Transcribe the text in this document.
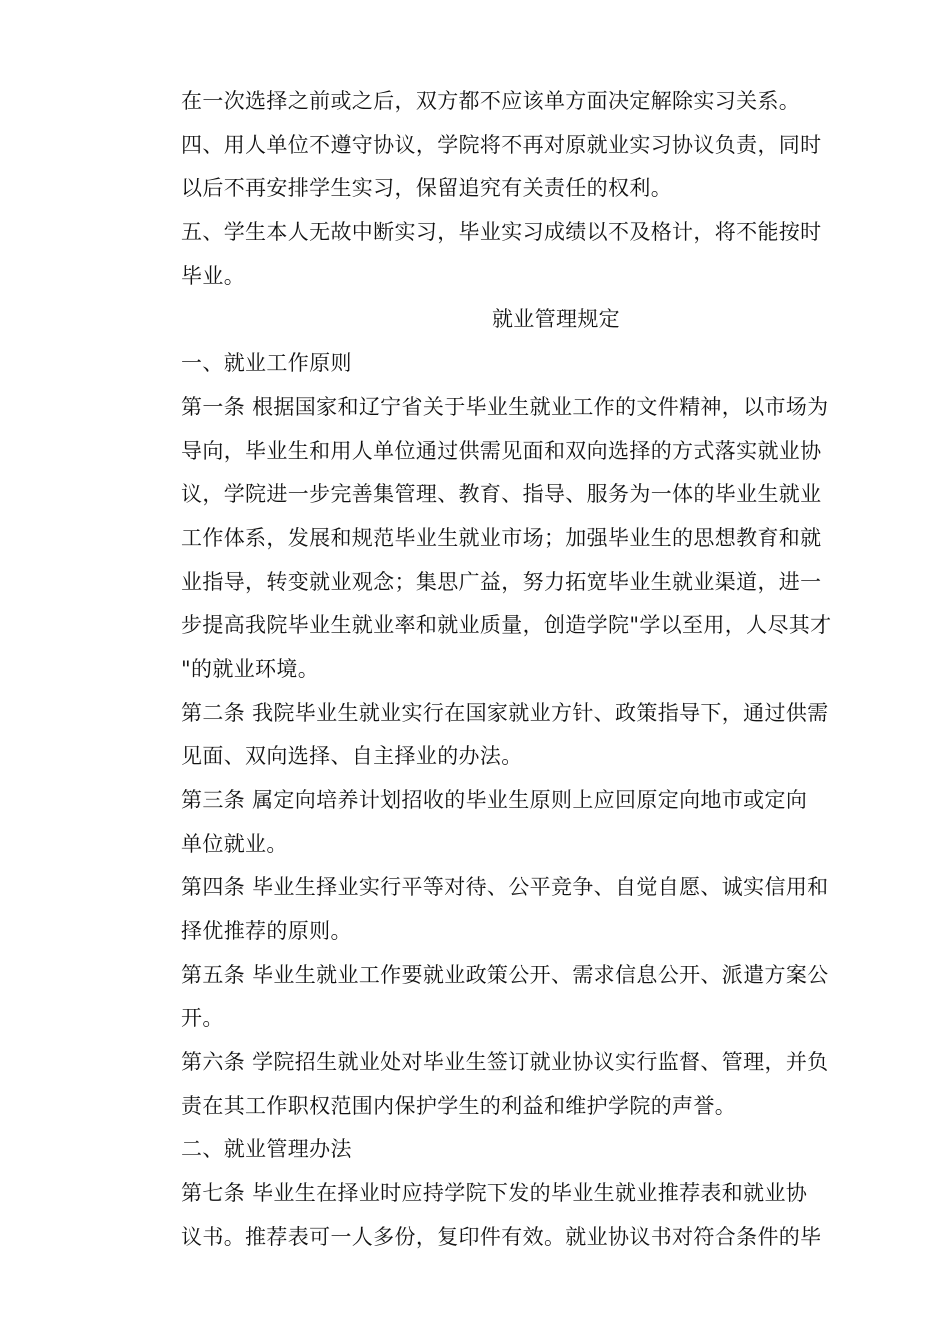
在一次选择之前或之后，双方都不应该单方面决定解除实习关系。
四、用人单位不遵守协议，学院将不再对原就业实习协议负责，同时
以后不再安排学生实习，保留追究有关责任的权利。
五、学生本人无故中断实习，毕业实习成绩以不及格计，将不能按时
毕业。
就业管理规定
一、就业工作原则
第一条 根据国家和辽宁省关于毕业生就业工作的文件精神，以市场为
导向，毕业生和用人单位通过供需见面和双向选择的方式落实就业协
议，学院进一步完善集管理、教育、指导、服务为一体的毕业生就业
工作体系，发展和规范毕业生就业市场；加强毕业生的思想教育和就
业指导，转变就业观念；集思广益，努力拓宽毕业生就业渠道，进一
步提高我院毕业生就业率和就业质量，创造学院"学以至用，人尽其才
"的就业环境。
第二条 我院毕业生就业实行在国家就业方针、政策指导下，通过供需
见面、双向选择、自主择业的办法。
第三条 属定向培养计划招收的毕业生原则上应回原定向地市或定向
单位就业。
第四条 毕业生择业实行平等对待、公平竞争、自觉自愿、诚实信用和
择优推荐的原则。
第五条 毕业生就业工作要就业政策公开、需求信息公开、派遣方案公
开。
第六条 学院招生就业处对毕业生签订就业协议实行监督、管理，并负
责在其工作职权范围内保护学生的利益和维护学院的声誉。
二、就业管理办法
第七条 毕业生在择业时应持学院下发的毕业生就业推荐表和就业协
议书。推荐表可一人多份，复印件有效。就业协议书对符合条件的毕
